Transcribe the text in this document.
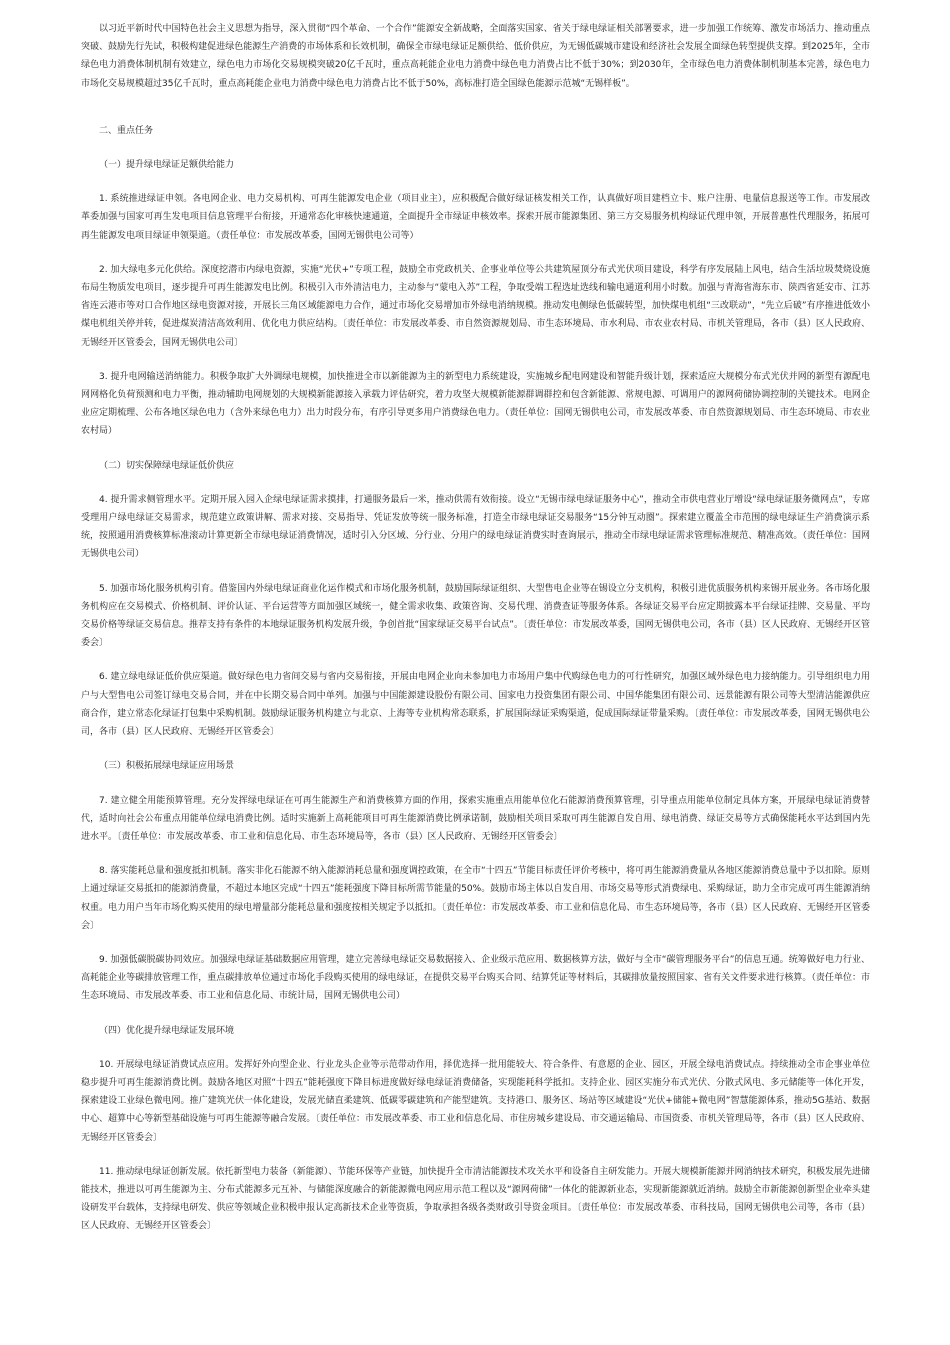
以习近平新时代中国特色社会主义思想为指导，深入贯彻“四个革命、一个合作”能源安全新战略，全面落实国家、省关于绿电绿证相关部署要求，进一步加强工作统筹、激发市场活力、推动重点突破、鼓励先行先试，积极构建促进绿色能源生产消费的市场体系和长效机制，确保全市绿电绿证足额供给、低价供应，为无锡低碳城市建设和经济社会发展全面绿色转型提供支撑。到2025年，全市绿色电力消费体制机制有效建立，绿色电力市场化交易规模突破20亿千瓦时，重点高耗能企业电力消费中绿色电力消费占比不低于30%；到2030年，全市绿色电力消费体制机制基本完善，绿色电力市场化交易规模超过35亿千瓦时，重点高耗能企业电力消费中绿色电力消费占比不低于50%，高标准打造全国绿色能源示范城“无锡样板”。

二、重点任务

（一）提升绿电绿证足额供给能力

1. 系统推进绿证申领。各电网企业、电力交易机构、可再生能源发电企业（项目业主），应积极配合做好绿证核发相关工作，认真做好项目建档立卡、账户注册、电量信息报送等工作。市发展改革委加强与国家可再生发电项目信息管理平台衔接，开通常态化审核快速通道，全面提升全市绿证申核效率。探索开展市能源集团、第三方交易服务机构绿证代理申领，开展普惠性代理服务，拓展可再生能源发电项目绿证申领渠道。（责任单位：市发展改革委，国网无锡供电公司等）

2. 加大绿电多元化供给。深度挖潜市内绿电资源，实施“光伏+”专项工程，鼓励全市党政机关、企事业单位等公共建筑屋顶分布式光伏项目建设，科学有序发展陆上风电，结合生活垃圾焚烧设施布局生物质发电项目，逐步提升可再生能源发电比例。积极引入市外清洁电力，主动参与“蒙电入苏”工程，争取受端工程选址选线和输电通道利用小时数。加强与青海省海东市、陕西省延安市、江苏省连云港市等对口合作地区绿电资源对接，开展长三角区域能源电力合作，通过市场化交易增加市外绿电消纳规模。推动发电侧绿色低碳转型，加快煤电机组“三改联动”，“先立后破”有序推进低效小煤电机组关停并转，促进煤炭清洁高效利用、优化电力供应结构。〔责任单位：市发展改革委、市自然资源规划局、市生态环境局、市水利局、市农业农村局、市机关管理局，各市（县）区人民政府、无锡经开区管委会，国网无锡供电公司〕

3. 提升电网输送消纳能力。积极争取扩大外调绿电规模，加快推进全市以新能源为主的新型电力系统建设，实施城乡配电网建设和智能升级计划，探索适应大规模分布式光伏并网的新型有源配电网网格化负荷预测和电力平衡，推动辅助电网规划的大规模新能源接入承载力评估研究，着力攻坚大规模新能源群调群控和包含新能源、常规电源、可调用户的源网荷储协调控制的关键技术。电网企业应定期梳理、公布各地区绿色电力（含外来绿色电力）出力时段分布，有序引导更多用户消费绿色电力。（责任单位：国网无锡供电公司，市发展改革委、市自然资源规划局、市生态环境局、市农业农村局）

（二）切实保障绿电绿证低价供应

4. 提升需求侧管理水平。定期开展入园入企绿电绿证需求摸排，打通服务最后一米，推动供需有效衔接。设立“无锡市绿电绿证服务中心”，推动全市供电营业厅增设“绿电绿证服务微网点”，专席受理用户绿电绿证交易需求，规范建立政策讲解、需求对接、交易指导、凭证发放等统一服务标准，打造全市绿电绿证交易服务“15分钟互动圈”。探索建立覆盖全市范围的绿电绿证生产消费演示系统，按照通用消费核算标准滚动计算更新全市绿电绿证消费情况，适时引入分区域、分行业、分用户的绿电绿证消费实时查询展示，推动全市绿电绿证需求管理标准规范、精准高效。（责任单位：国网无锡供电公司）

5. 加强市场化服务机构引育。借鉴国内外绿电绿证商业化运作模式和市场化服务机制，鼓励国际绿证组织、大型售电企业等在锡设立分支机构，积极引进优质服务机构来锡开展业务。各市场化服务机构应在交易模式、价格机制、评价认证、平台运营等方面加强区域统一，健全需求收集、政策咨询、交易代理、消费查证等服务体系。各绿证交易平台应定期披露本平台绿证挂牌、交易量、平均交易价格等绿证交易信息。推荐支持有条件的本地绿证服务机构发展升级，争创首批“国家绿证交易平台试点”。〔责任单位：市发展改革委，国网无锡供电公司，各市（县）区人民政府、无锡经开区管委会〕

6. 建立绿电绿证低价供应渠道。做好绿色电力省间交易与省内交易衔接，开展由电网企业向未参加电力市场用户集中代购绿色电力的可行性研究，加强区域外绿色电力接纳能力。引导组织电力用户与大型售电公司签订绿电交易合同，并在中长期交易合同中单列。加强与中国能源建设股份有限公司、国家电力投资集团有限公司、中国华能集团有限公司、远景能源有限公司等大型清洁能源供应商合作，建立常态化绿证打包集中采购机制。鼓励绿证服务机构建立与北京、上海等专业机构常态联系，扩展国际绿证采购渠道，促成国际绿证带量采购。〔责任单位：市发展改革委，国网无锡供电公司，各市（县）区人民政府、无锡经开区管委会〕

（三）积极拓展绿电绿证应用场景

7. 建立健全用能预算管理。充分发挥绿电绿证在可再生能源生产和消费核算方面的作用，探索实施重点用能单位化石能源消费预算管理，引导重点用能单位制定具体方案，开展绿电绿证消费替代，适时向社会公布重点用能单位绿电消费比例。适时实施新上高耗能项目可再生能源消费比例承诺制，鼓励相关项目采取可再生能源自发自用、绿电消费、绿证交易等方式确保能耗水平达到国内先进水平。〔责任单位：市发展改革委、市工业和信息化局、市生态环境局等，各市（县）区人民政府、无锡经开区管委会〕

8. 落实能耗总量和强度抵扣机制。落实非化石能源不纳入能源消耗总量和强度调控政策，在全市“十四五”节能目标责任评价考核中，将可再生能源消费量从各地区能源消费总量中予以扣除。原则上通过绿证交易抵扣的能源消费量，不超过本地区完成“十四五”能耗强度下降目标所需节能量的50%。鼓励市场主体以自发自用、市场交易等形式消费绿电、采购绿证，助力全市完成可再生能源消纳权重。电力用户当年市场化购买使用的绿电增量部分能耗总量和强度按相关规定予以抵扣。〔责任单位：市发展改革委、市工业和信息化局、市生态环境局等，各市（县）区人民政府、无锡经开区管委会〕

9. 加强低碳脱碳协同效应。加强绿电绿证基础数据应用管理，建立完善绿电绿证交易数据接入、企业级示范应用、数据核算方法，做好与全市“碳管理服务平台”的信息互通。统筹做好电力行业、高耗能企业等碳排放管理工作，重点碳排放单位通过市场化手段购买使用的绿电绿证，在提供交易平台购买合同、结算凭证等材料后，其碳排放量按照国家、省有关文件要求进行核算。（责任单位：市生态环境局、市发展改革委、市工业和信息化局、市统计局，国网无锡供电公司）

（四）优化提升绿电绿证发展环境

10. 开展绿电绿证消费试点应用。发挥好外向型企业、行业龙头企业等示范带动作用，择优选择一批用能较大、符合条件、有意愿的企业、园区，开展全绿电消费试点。持续推动全市企事业单位稳步提升可再生能源消费比例。鼓励各地区对照“十四五”能耗强度下降目标进度做好绿电绿证消费储备，实现能耗科学抵扣。支持企业、园区实施分布式光伏、分散式风电、多元储能等一体化开发，探索建设工业绿色微电网。推广建筑光伏一体化建设，发展光储直柔建筑、低碳零碳建筑和产能型建筑。支持港口、服务区、场站等区域建设“光伏+储能+微电网”智慧能源体系，推动5G基站、数据中心、超算中心等新型基础设施与可再生能源等融合发展。〔责任单位：市发展改革委、市工业和信息化局、市住房城乡建设局、市交通运输局、市国资委、市机关管理局等，各市（县）区人民政府、无锡经开区管委会〕

11. 推动绿电绿证创新发展。依托新型电力装备（新能源）、节能环保等产业链，加快提升全市清洁能源技术攻关水平和设备自主研发能力。开展大规模新能源并网消纳技术研究，积极发展先进储能技术，推进以可再生能源为主、分布式能源多元互补、与储能深度融合的新能源微电网应用示范工程以及“源网荷储”一体化的能源新业态，实现新能源就近消纳。鼓励全市新能源创新型企业牵头建设研发平台载体，支持绿电研发、供应等领域企业积极申报认定高新技术企业等资质，争取承担各级各类财政引导资金项目。〔责任单位：市发展改革委、市科技局，国网无锡供电公司等，各市（县）区人民政府、无锡经开区管委会〕
